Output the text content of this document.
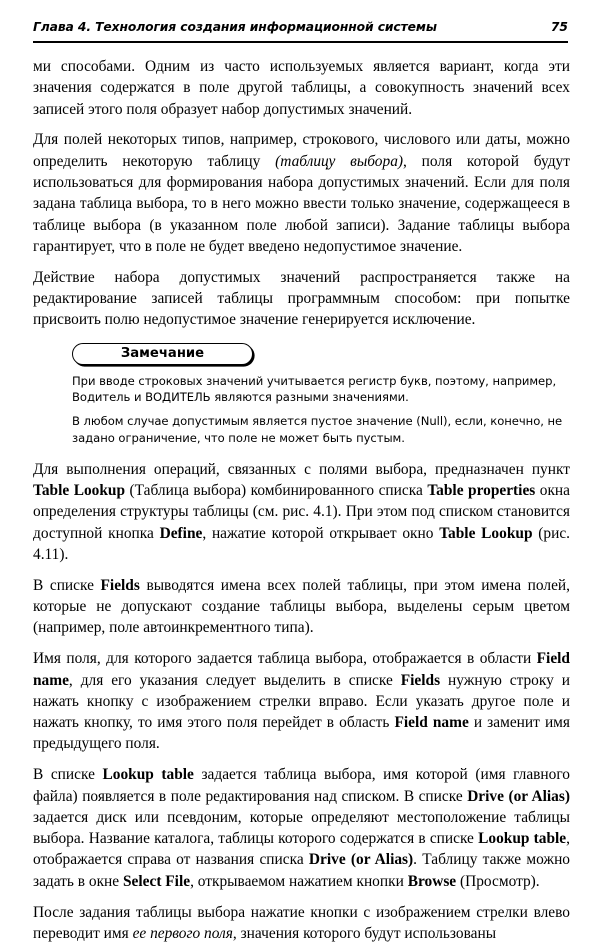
Глава 4. Технология создания информационной системы	75

ми способами. Одним из часто используемых является вариант, когда эти значения содержатся в поле другой таблицы, а совокупность значений всех записей этого поля образует набор допустимых значений.

Для полей некоторых типов, например, строкового, числового или даты, можно определить некоторую таблицу (таблицу выбора), поля которой будут использоваться для формирования набора допустимых значений. Если для поля задана таблица выбора, то в него можно ввести только значение, содержащееся в таблице выбора (в указанном поле любой записи). Задание таблицы выбора гарантирует, что в поле не будет введено недопустимое значение.

Действие набора допустимых значений распространяется также на редактирование записей таблицы программным способом: при попытке присвоить полю недопустимое значение генерируется исключение.

Замечание

При вводе строковых значений учитывается регистр букв, поэтому, например, Водитель и ВОДИТЕЛЬ являются разными значениями.

В любом случае допустимым является пустое значение (Null), если, конечно, не задано ограничение, что поле не может быть пустым.

Для выполнения операций, связанных с полями выбора, предназначен пункт Table Lookup (Таблица выбора) комбинированного списка Table properties окна определения структуры таблицы (см. рис. 4.1). При этом под списком становится доступной кнопка Define, нажатие которой открывает окно Table Lookup (рис. 4.11).

В списке Fields выводятся имена всех полей таблицы, при этом имена полей, которые не допускают создание таблицы выбора, выделены серым цветом (например, поле автоинкрементного типа).

Имя поля, для которого задается таблица выбора, отображается в области Field name, для его указания следует выделить в списке Fields нужную строку и нажать кнопку с изображением стрелки вправо. Если указать другое поле и нажать кнопку, то имя этого поля перейдет в область Field name и заменит имя предыдущего поля.

В списке Lookup table задается таблица выбора, имя которой (имя главного файла) появляется в поле редактирования над списком. В списке Drive (or Alias) задается диск или псевдоним, которые определяют местоположение таблицы выбора. Название каталога, таблицы которого содержатся в списке Lookup table, отображается справа от названия списка Drive (or Alias). Таблицу также можно задать в окне Select File, открываемом нажатием кнопки Browse (Просмотр).

После задания таблицы выбора нажатие кнопки с изображением стрелки влево переводит имя ее первого поля, значения которого будут использованы
